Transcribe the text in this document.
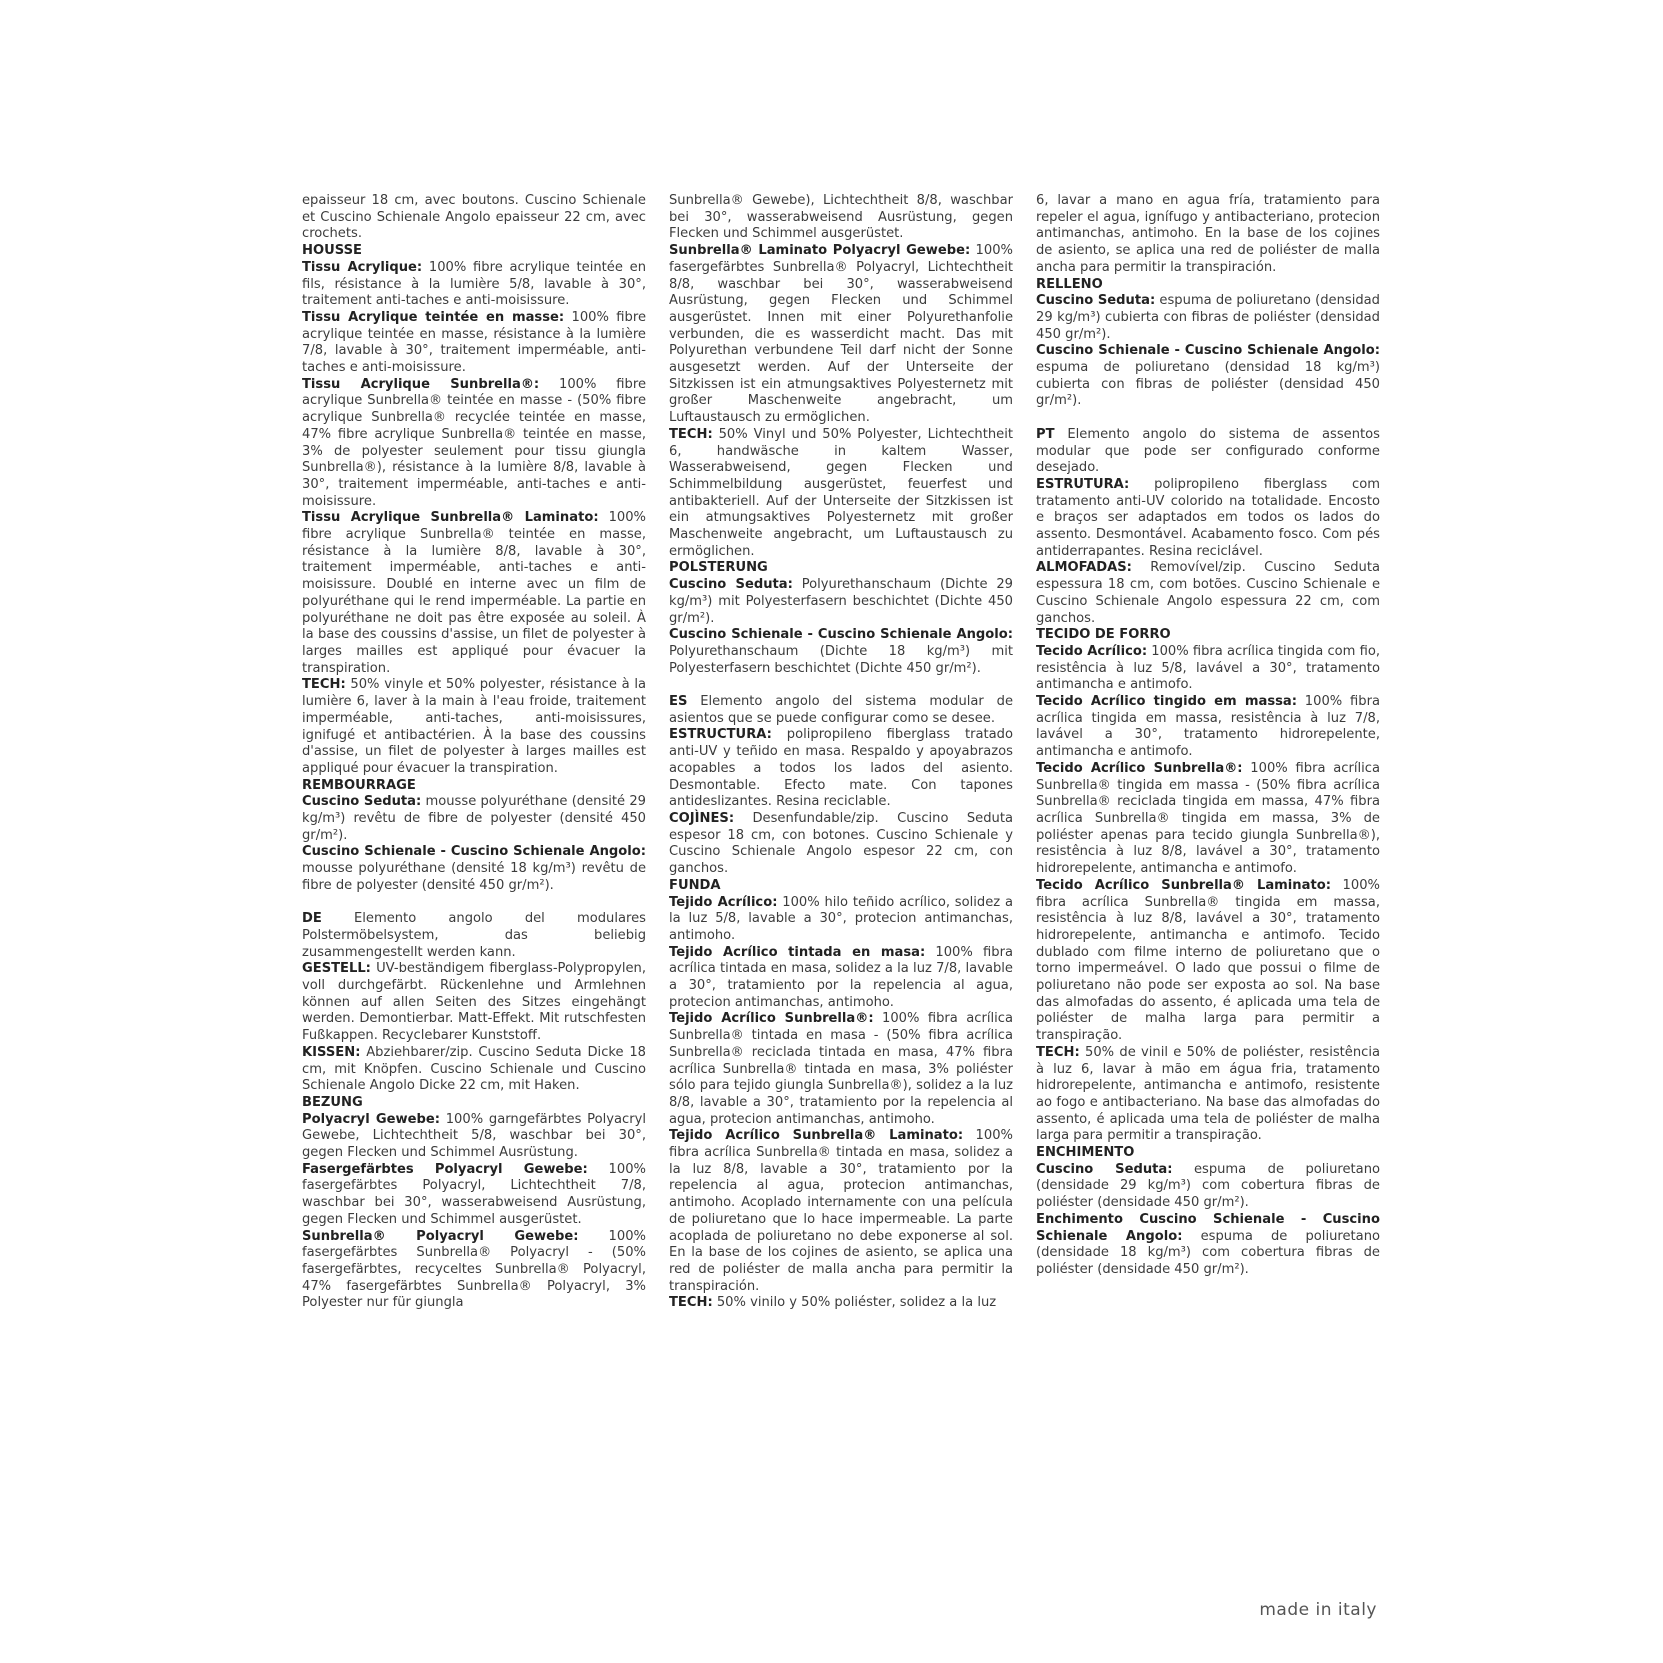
epaisseur 18 cm, avec boutons. Cuscino Schienale et Cuscino Schienale Angolo epaisseur 22 cm, avec crochets.

HOUSSE

Tissu Acrylique: 100% fibre acrylique teintée en fils, résistance à la lumière 5/8, lavable à 30°, traitement anti-taches e anti-moisissure.

Tissu Acrylique teintée en masse: 100% fibre acrylique teintée en masse, résistance à la lumière 7/8, lavable à 30°, traitement imperméable, anti-taches e anti-moisissure.

Tissu Acrylique Sunbrella®: 100% fibre acrylique Sunbrella® teintée en masse - (50% fibre acrylique Sunbrella® recyclée teintée en masse, 47% fibre acrylique Sunbrella® teintée en masse, 3% de polyester seulement pour tissu giungla Sunbrella®), résistance à la lumière 8/8, lavable à 30°, traitement imperméable, anti-taches e anti-moisissure.

Tissu Acrylique Sunbrella® Laminato: 100% fibre acrylique Sunbrella® teintée en masse, résistance à la lumière 8/8, lavable à 30°, traitement imperméable, anti-taches e anti-moisissure. Doublé en interne avec un film de polyuréthane qui le rend imperméable. La partie en polyuréthane ne doit pas être exposée au soleil. À la base des coussins d'assise, un filet de polyester à larges mailles est appliqué pour évacuer la transpiration.

TECH: 50% vinyle et 50% polyester, résistance à la lumière 6, laver à la main à l'eau froide, traitement imperméable, anti-taches, anti-moisissures, ignifugé et antibactérien. À la base des coussins d'assise, un filet de polyester à larges mailles est appliqué pour évacuer la transpiration.

REMBOURRAGE

Cuscino Seduta: mousse polyuréthane (densité 29 kg/m³) revêtu de fibre de polyester (densité 450 gr/m²).

Cuscino Schienale - Cuscino Schienale Angolo: mousse polyuréthane (densité 18 kg/m³) revêtu de fibre de polyester (densité 450 gr/m²).

DE Elemento angolo del modulares Polstermöbelsystem, das beliebig zusammengestellt werden kann.

GESTELL: UV-beständigem fiberglass-Polypropylen, voll durchgefärbt. Rückenlehne und Armlehnen können auf allen Seiten des Sitzes eingehängt werden. Demontierbar. Matt-Effekt. Mit rutschfesten Fußkappen. Recyclebarer Kunststoff.

KISSEN: Abziehbarer/zip. Cuscino Seduta Dicke 18 cm, mit Knöpfen. Cuscino Schienale und Cuscino Schienale Angolo Dicke 22 cm, mit Haken.

BEZUNG

Polyacryl Gewebe: 100% garngefärbtes Polyacryl Gewebe, Lichtechtheit 5/8, waschbar bei 30°, gegen Flecken und Schimmel Ausrüstung.

Fasergefärbtes Polyacryl Gewebe: 100% fasergefärbtes Polyacryl, Lichtechtheit 7/8, waschbar bei 30°, wasserabweisend Ausrüstung, gegen Flecken und Schimmel ausgerüstet.

Sunbrella® Polyacryl Gewebe: 100% fasergefärbtes Sunbrella® Polyacryl - (50% fasergefärbtes, recyceltes Sunbrella® Polyacryl, 47% fasergefärbtes Sunbrella® Polyacryl, 3% Polyester nur für giungla

Sunbrella® Gewebe), Lichtechtheit 8/8, waschbar bei 30°, wasserabweisend Ausrüstung, gegen Flecken und Schimmel ausgerüstet.

Sunbrella® Laminato Polyacryl Gewebe: 100% fasergefärbtes Sunbrella® Polyacryl, Lichtechtheit 8/8, waschbar bei 30°, wasserabweisend Ausrüstung, gegen Flecken und Schimmel ausgerüstet. Innen mit einer Polyurethanfolie verbunden, die es wasserdicht macht. Das mit Polyurethan verbundene Teil darf nicht der Sonne ausgesetzt werden. Auf der Unterseite der Sitzkissen ist ein atmungsaktives Polyesternetz mit großer Maschenweite angebracht, um Luftaustausch zu ermöglichen.

TECH: 50% Vinyl und 50% Polyester, Lichtechtheit 6, handwäsche in kaltem Wasser, Wasserabweisend, gegen Flecken und Schimmelbildung ausgerüstet, feuerfest und antibakteriell. Auf der Unterseite der Sitzkissen ist ein atmungsaktives Polyesternetz mit großer Maschenweite angebracht, um Luftaustausch zu ermöglichen.

POLSTERUNG

Cuscino Seduta: Polyurethanschaum (Dichte 29 kg/m³) mit Polyesterfasern beschichtet (Dichte 450 gr/m²).

Cuscino Schienale - Cuscino Schienale Angolo: Polyurethanschaum (Dichte 18 kg/m³) mit Polyesterfasern beschichtet (Dichte 450 gr/m²).

ES Elemento angolo del sistema modular de asientos que se puede configurar como se desee.

ESTRUCTURA: polipropileno fiberglass tratado anti-UV y teñido en masa. Respaldo y apoyabrazos acopables a todos los lados del asiento. Desmontable. Efecto mate. Con tapones antideslizantes. Resina reciclable.

COJÌNES: Desenfundable/zip. Cuscino Seduta espesor 18 cm, con botones. Cuscino Schienale y Cuscino Schienale Angolo espesor 22 cm, con ganchos.

FUNDA

Tejido Acrílico: 100% hilo teñido acrílico, solidez a la luz 5/8, lavable a 30°, protecion antimanchas, antimoho.

Tejido Acrílico tintada en masa: 100% fibra acrílica tintada en masa, solidez a la luz 7/8, lavable a 30°, tratamiento por la repelencia al agua, protecion antimanchas, antimoho.

Tejido Acrílico Sunbrella®: 100% fibra acrílica Sunbrella® tintada en masa - (50% fibra acrílica Sunbrella® reciclada tintada en masa, 47% fibra acrílica Sunbrella® tintada en masa, 3% poliéster sólo para tejido giungla Sunbrella®), solidez a la luz 8/8, lavable a 30°, tratamiento por la repelencia al agua, protecion antimanchas, antimoho.

Tejido Acrílico Sunbrella® Laminato: 100% fibra acrílica Sunbrella® tintada en masa, solidez a la luz 8/8, lavable a 30°, tratamiento por la repelencia al agua, protecion antimanchas, antimoho. Acoplado internamente con una película de poliuretano que lo hace impermeable. La parte acoplada de poliuretano no debe exponerse al sol. En la base de los cojines de asiento, se aplica una red de poliéster de malla ancha para permitir la transpiración.

TECH: 50% vinilo y 50% poliéster, solidez a la luz

6, lavar a mano en agua fría, tratamiento para repeler el agua, ignífugo y antibacteriano, protecion antimanchas, antimoho. En la base de los cojines de asiento, se aplica una red de poliéster de malla ancha para permitir la transpiración.

RELLENO

Cuscino Seduta: espuma de poliuretano (densidad 29 kg/m³) cubierta con fibras de poliéster (densidad 450 gr/m²).

Cuscino Schienale - Cuscino Schienale Angolo: espuma de poliuretano (densidad 18 kg/m³) cubierta con fibras de poliéster (densidad 450 gr/m²).

PT Elemento angolo do sistema de assentos modular que pode ser configurado conforme desejado.

ESTRUTURA: polipropileno fiberglass com tratamento anti-UV colorido na totalidade. Encosto e braços ser adaptados em todos os lados do assento. Desmontável. Acabamento fosco. Com pés antiderrapantes. Resina reciclável.

ALMOFADAS: Removível/zip. Cuscino Seduta espessura 18 cm, com botões. Cuscino Schienale e Cuscino Schienale Angolo espessura 22 cm, com ganchos.

TECIDO DE FORRO

Tecido Acrílico: 100% fibra acrílica tingida com fio, resistência à luz 5/8, lavável a 30°, tratamento antimancha e antimofo.

Tecido Acrílico tingido em massa: 100% fibra acrílica tingida em massa, resistência à luz 7/8, lavável a 30°, tratamento hidrorepelente, antimancha e antimofo.

Tecido Acrílico Sunbrella®: 100% fibra acrílica Sunbrella® tingida em massa - (50% fibra acrílica Sunbrella® reciclada tingida em massa, 47% fibra acrílica Sunbrella® tingida em massa, 3% de poliéster apenas para tecido giungla Sunbrella®), resistência à luz 8/8, lavável a 30°, tratamento hidrorepelente, antimancha e antimofo.

Tecido Acrílico Sunbrella® Laminato: 100% fibra acrílica Sunbrella® tingida em massa, resistência à luz 8/8, lavável a 30°, tratamento hidrorepelente, antimancha e antimofo. Tecido dublado com filme interno de poliuretano que o torno impermeável. O lado que possui o filme de poliuretano não pode ser exposta ao sol. Na base das almofadas do assento, é aplicada uma tela de poliéster de malha larga para permitir a transpiração.

TECH: 50% de vinil e 50% de poliéster, resistência à luz 6, lavar à mão em água fria, tratamento hidrorepelente, antimancha e antimofo, resistente ao fogo e antibacteriano. Na base das almofadas do assento, é aplicada uma tela de poliéster de malha larga para permitir a transpiração.

ENCHIMENTO

Cuscino Seduta: espuma de poliuretano (densidade 29 kg/m³) com cobertura fibras de poliéster (densidade 450 gr/m²).

Enchimento Cuscino Schienale - Cuscino Schienale Angolo: espuma de poliuretano (densidade 18 kg/m³) com cobertura fibras de poliéster (densidade 450 gr/m²).

made in italy
